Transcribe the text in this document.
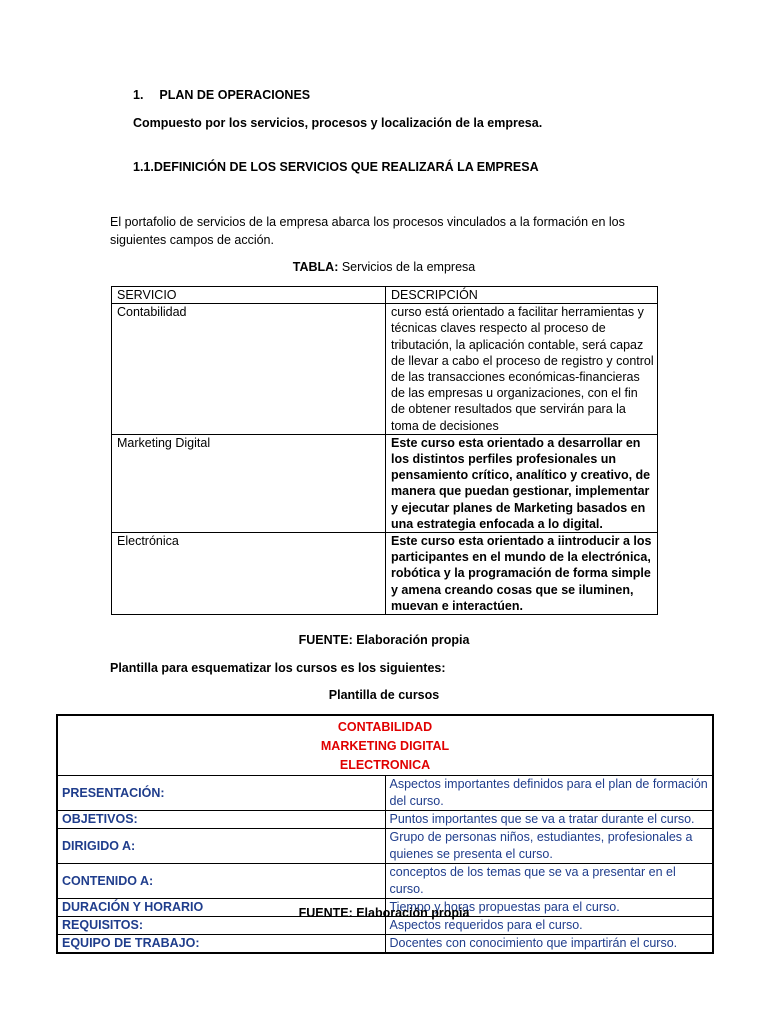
1. PLAN DE OPERACIONES
Compuesto por los servicios, procesos y localización de la empresa.
1.1.DEFINICIÓN DE LOS SERVICIOS QUE REALIZARÁ LA EMPRESA
El portafolio de servicios de la empresa abarca los procesos vinculados a la formación en los siguientes campos de acción.
TABLA: Servicios de la empresa
SERVICIO	DESCRIPCIÓN
Contabilidad	curso está orientado a facilitar herramientas y técnicas claves respecto al proceso de tributación, la aplicación contable, será capaz de llevar a cabo el proceso de registro y control de las transacciones económicas-financieras de las empresas u organizaciones, con el fin de obtener resultados que servirán para la toma de decisiones
Marketing Digital	Este curso esta orientado a desarrollar en los distintos perfiles profesionales un pensamiento crítico, analítico y creativo, de manera que puedan gestionar, implementar y ejecutar planes de Marketing basados en una estrategia enfocada a lo digital.
Electrónica	Este curso esta orientado a iintroducir a los participantes en el mundo de la electrónica, robótica y la programación de forma simple y amena creando cosas que se iluminen, muevan e interactúen.
FUENTE: Elaboración propia
Plantilla para esquematizar los cursos es los siguientes:
Plantilla de cursos
CONTABILIDAD
MARKETING DIGITAL
ELECTRONICA	

PRESENTACIÓN:	Aspectos importantes definidos para el plan de formación del curso.
OBJETIVOS:	Puntos importantes que se va a tratar durante el curso.
DIRIGIDO A:	Grupo de personas niños, estudiantes, profesionales a quienes se presenta el curso.
CONTENIDO A:	conceptos de los temas que se va a presentar en el curso.
DURACIÓN Y HORARIO	Tiempo y horas propuestas para el curso.
REQUISITOS:	Aspectos requeridos para el curso.
EQUIPO DE TRABAJO:	Docentes con conocimiento que impartirán el curso.
FUENTE: Elaboración propia
